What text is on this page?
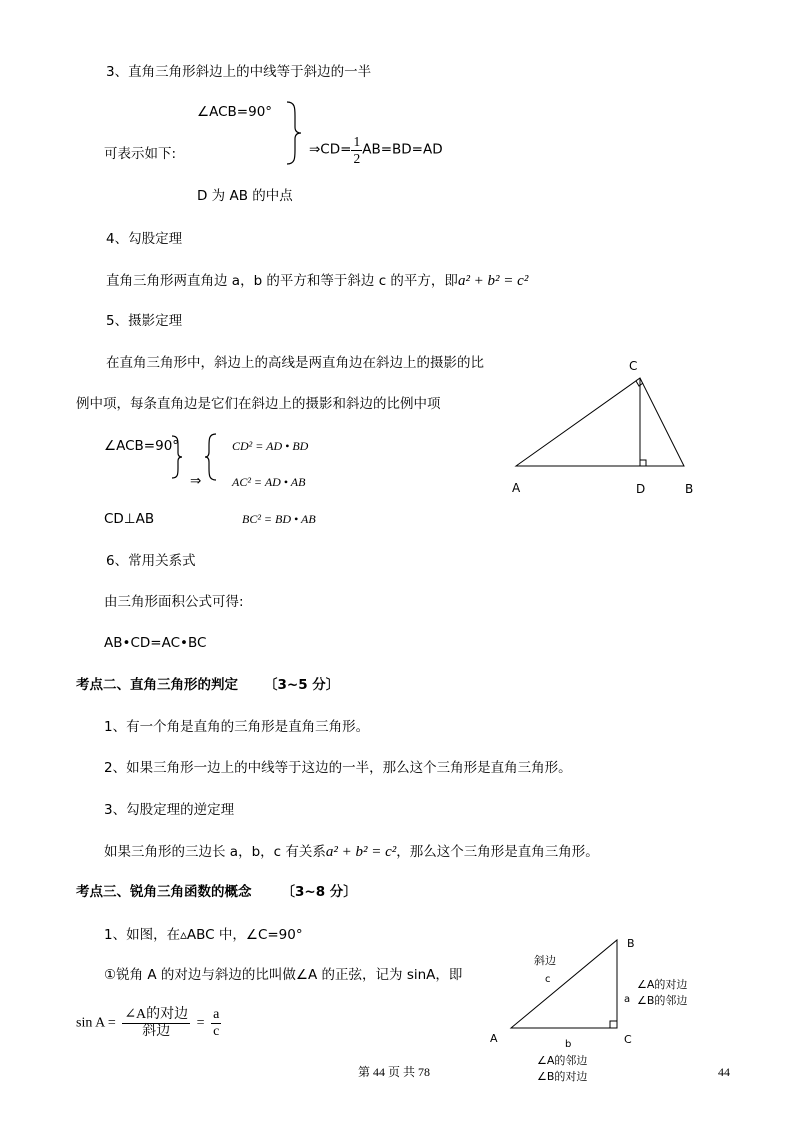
3、直角三角形斜边上的中线等于斜边的一半
∠ACB=90°
可表示如下:	⇒CD= $\frac{1}{2} AB=BD=AD$
D 为 AB 的中点
4、勾股定理
直角三角形两直角边 a，b 的平方和等于斜边 c 的平方，即a² + b² = c²
5、摄影定理
在直角三角形中，斜边上的高线是两直角边在斜边上的摄影的比
例中项，每条直角边是它们在斜边上的摄影和斜边的比例中项
∠ACB=90°
⇒
CD² = AD • BD
AC² = AD • AB
CD⊥AB	BC² = BD • AB
C
A	D	B
6、常用关系式
由三角形面积公式可得:
AB•CD=AC•BC
考点二、直角三角形的判定 〔3~5 分〕
1、有一个角是直角的三角形是直角三角形。
2、如果三角形一边上的中线等于这边的一半，那么这个三角形是直角三角形。
3、勾股定理的逆定理
如果三角形的三边长 a，b，c 有关系a² + b² = c²，那么这个三角形是直角三角形。
考点三、锐角三角函数的概念 〔3~8 分〕
1、如图，在▵ABC 中，∠C=90°
①锐角 A 的对边与斜边的比叫做∠A 的正弦，记为 sinA，即
$\sin A = \frac{\text{∠A的对边}}{\text{斜边}} = \frac{a}{c}$
B
A	C
斜边
c
a
∠A的对边
∠B的邻边
b
∠A的邻边
∠B的对边
第 44 页 共 78	44
